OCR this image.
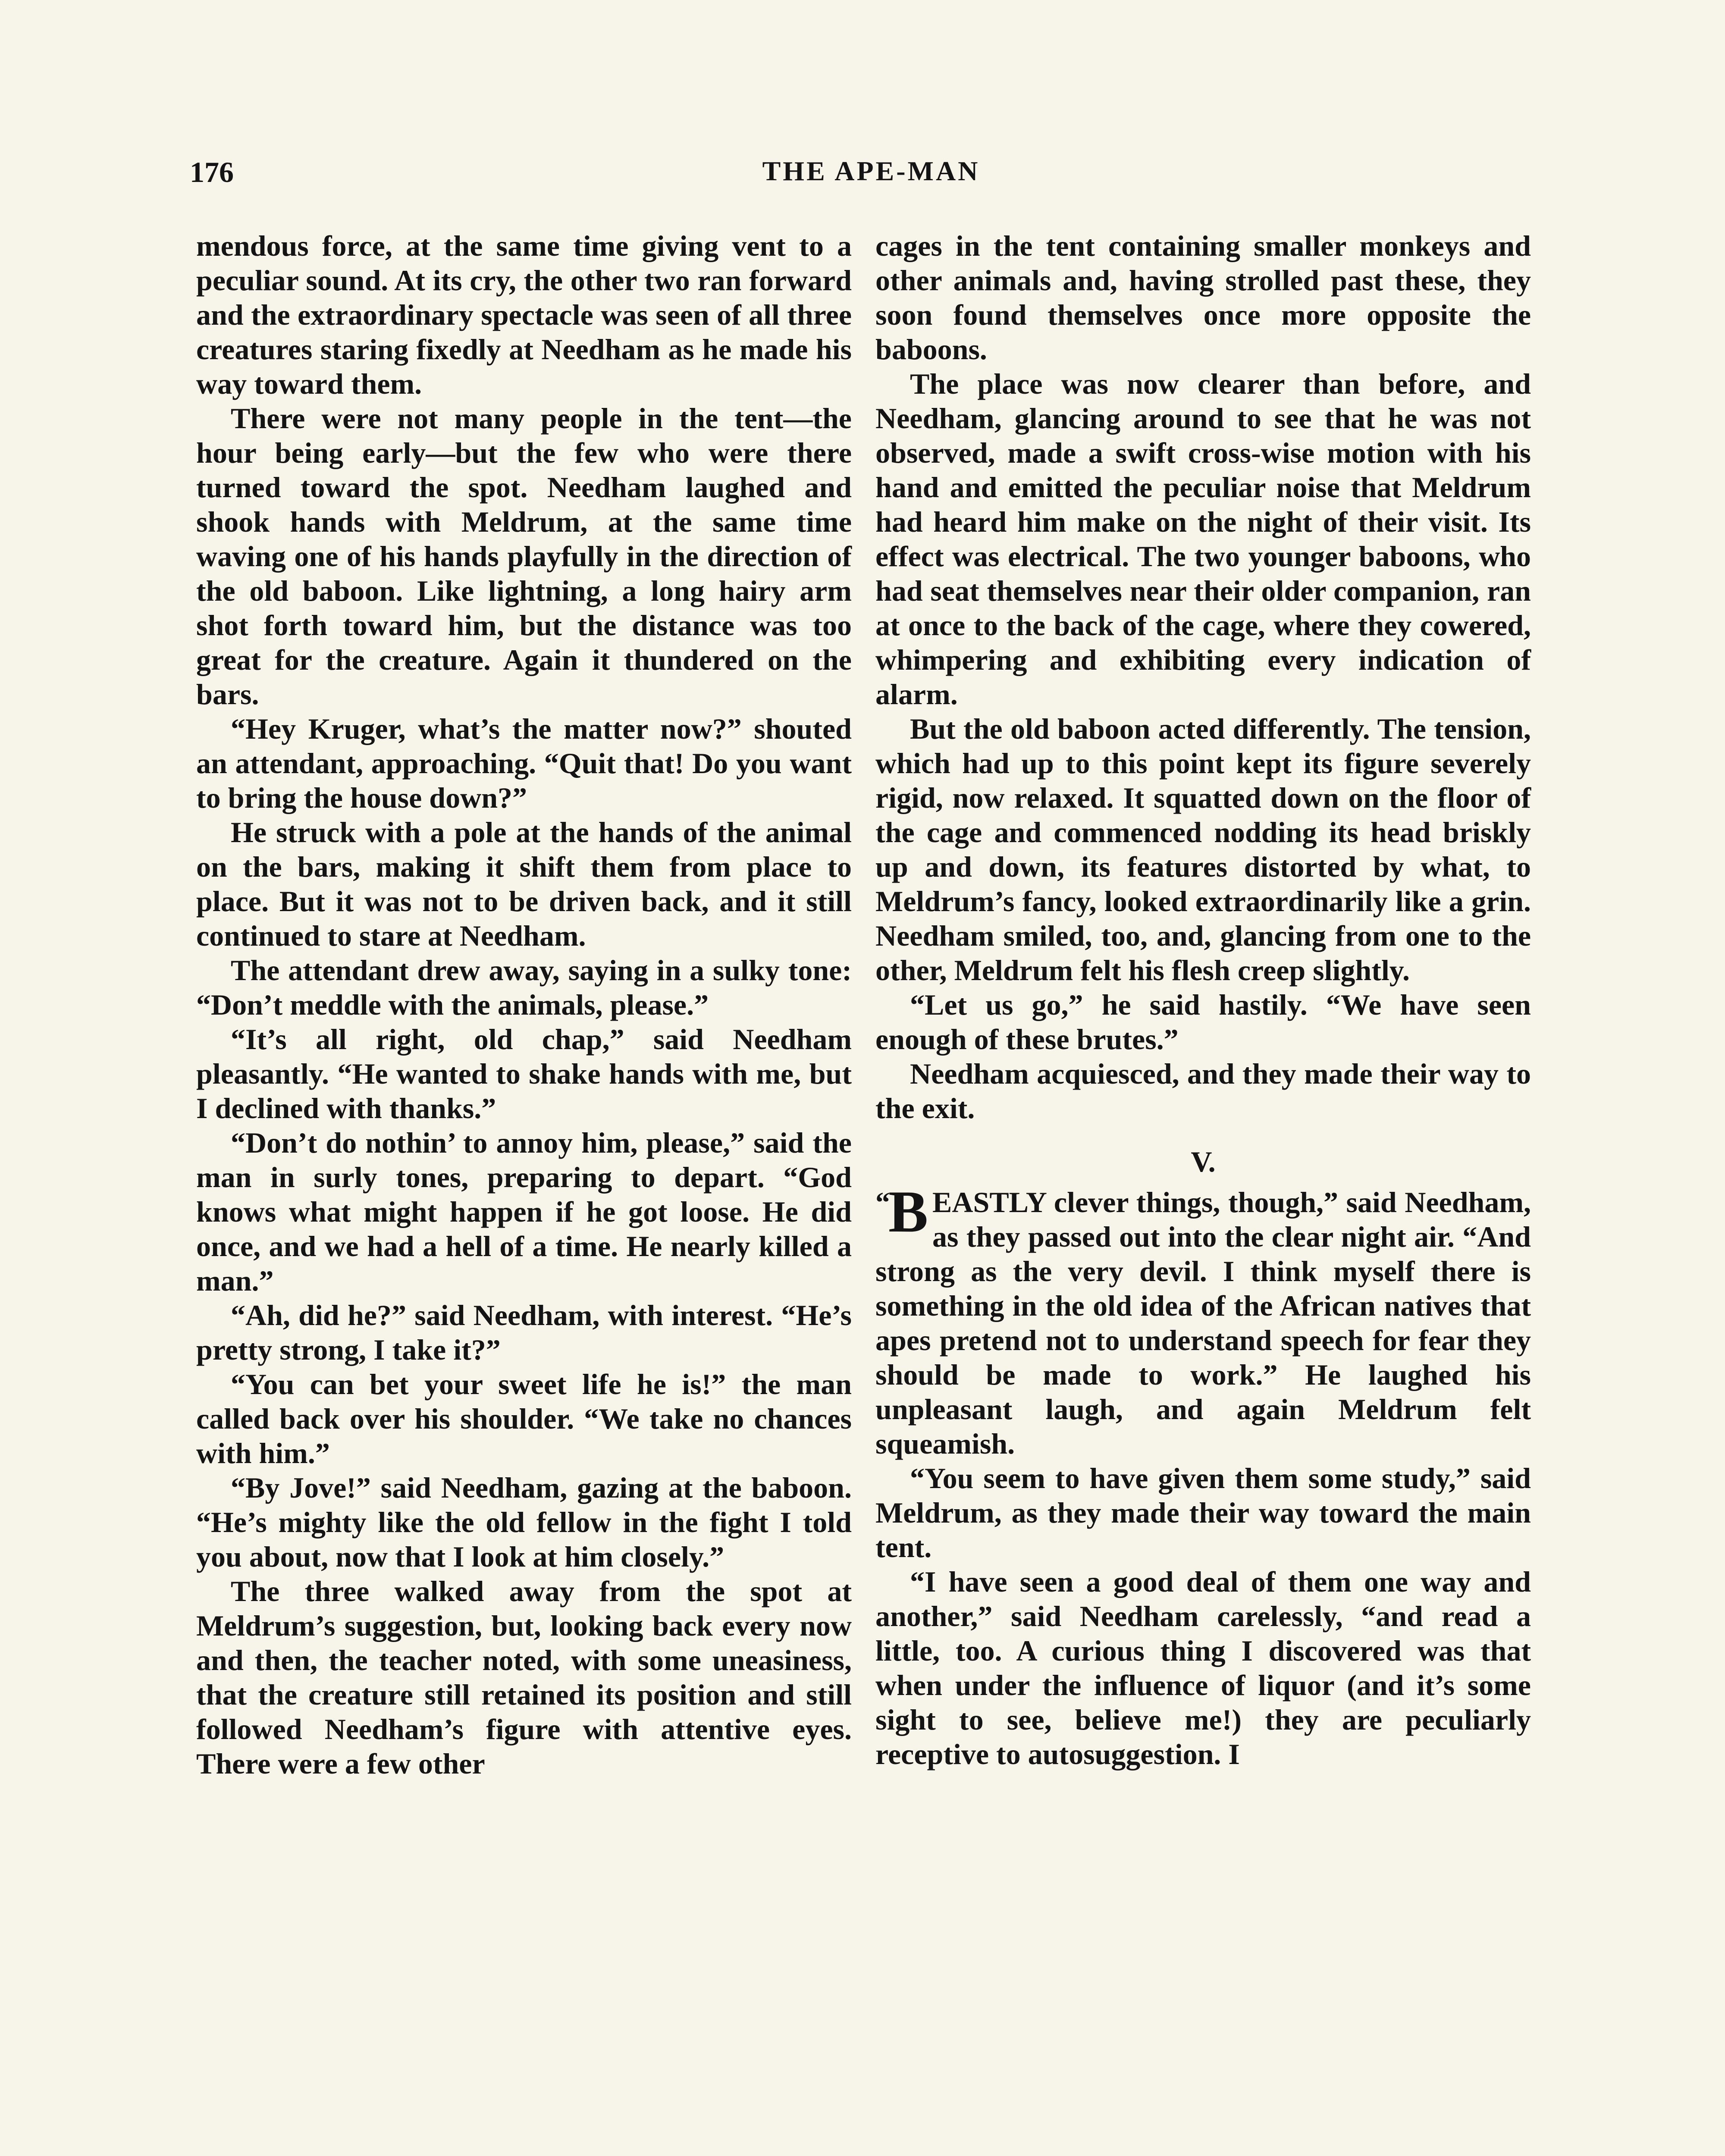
176	THE APE-MAN

mendous force, at the same time giving vent to a peculiar sound. At its cry, the other two ran forward and the extraordinary spectacle was seen of all three creatures staring fixedly at Needham as he made his way toward them.

There were not many people in the tent—the hour being early—but the few who were there turned toward the spot. Needham laughed and shook hands with Meldrum, at the same time waving one of his hands playfully in the direction of the old baboon. Like lightning, a long hairy arm shot forth toward him, but the distance was too great for the creature. Again it thundered on the bars.

“Hey Kruger, what’s the matter now?” shouted an attendant, approaching. “Quit that! Do you want to bring the house down?”

He struck with a pole at the hands of the animal on the bars, making it shift them from place to place. But it was not to be driven back, and it still continued to stare at Needham.

The attendant drew away, saying in a sulky tone: “Don’t meddle with the animals, please.”

“It’s all right, old chap,” said Needham pleasantly. “He wanted to shake hands with me, but I declined with thanks.”

“Don’t do nothin’ to annoy him, please,” said the man in surly tones, preparing to depart. “God knows what might happen if he got loose. He did once, and we had a hell of a time. He nearly killed a man.”

“Ah, did he?” said Needham, with interest. “He’s pretty strong, I take it?”

“You can bet your sweet life he is!” the man called back over his shoulder. “We take no chances with him.”

“By Jove!” said Needham, gazing at the baboon. “He’s mighty like the old fellow in the fight I told you about, now that I look at him closely.”

The three walked away from the spot at Meldrum’s suggestion, but, looking back every now and then, the teacher noted, with some uneasiness, that the creature still retained its position and still followed Needham’s figure with attentive eyes. There were a few other

cages in the tent containing smaller monkeys and other animals and, having strolled past these, they soon found themselves once more opposite the baboons.

The place was now clearer than before, and Needham, glancing around to see that he was not observed, made a swift cross-wise motion with his hand and emitted the peculiar noise that Meldrum had heard him make on the night of their visit. Its effect was electrical. The two younger baboons, who had seat themselves near their older companion, ran at once to the back of the cage, where they cowered, whimpering and exhibiting every indication of alarm.

But the old baboon acted differently. The tension, which had up to this point kept its figure severely rigid, now relaxed. It squatted down on the floor of the cage and commenced nodding its head briskly up and down, its features distorted by what, to Meldrum’s fancy, looked extraordinarily like a grin. Needham smiled, too, and, glancing from one to the other, Meldrum felt his flesh creep slightly.

“Let us go,” he said hastily. “We have seen enough of these brutes.”

Needham acquiesced, and they made their way to the exit.

V.

“
B EASTLY clever things, though,” said Needham, as they passed out into the clear night air. “And strong as the very devil. I think myself there is something in the old idea of the African natives that apes pretend not to understand speech for fear they should be made to work.” He laughed his unpleasant laugh, and again Meldrum felt squeamish.

“You seem to have given them some study,” said Meldrum, as they made their way toward the main tent.

“I have seen a good deal of them one way and another,” said Needham carelessly, “and read a little, too. A curious thing I discovered was that when under the influence of liquor (and it’s some sight to see, believe me!) they are peculiarly receptive to autosuggestion. I
